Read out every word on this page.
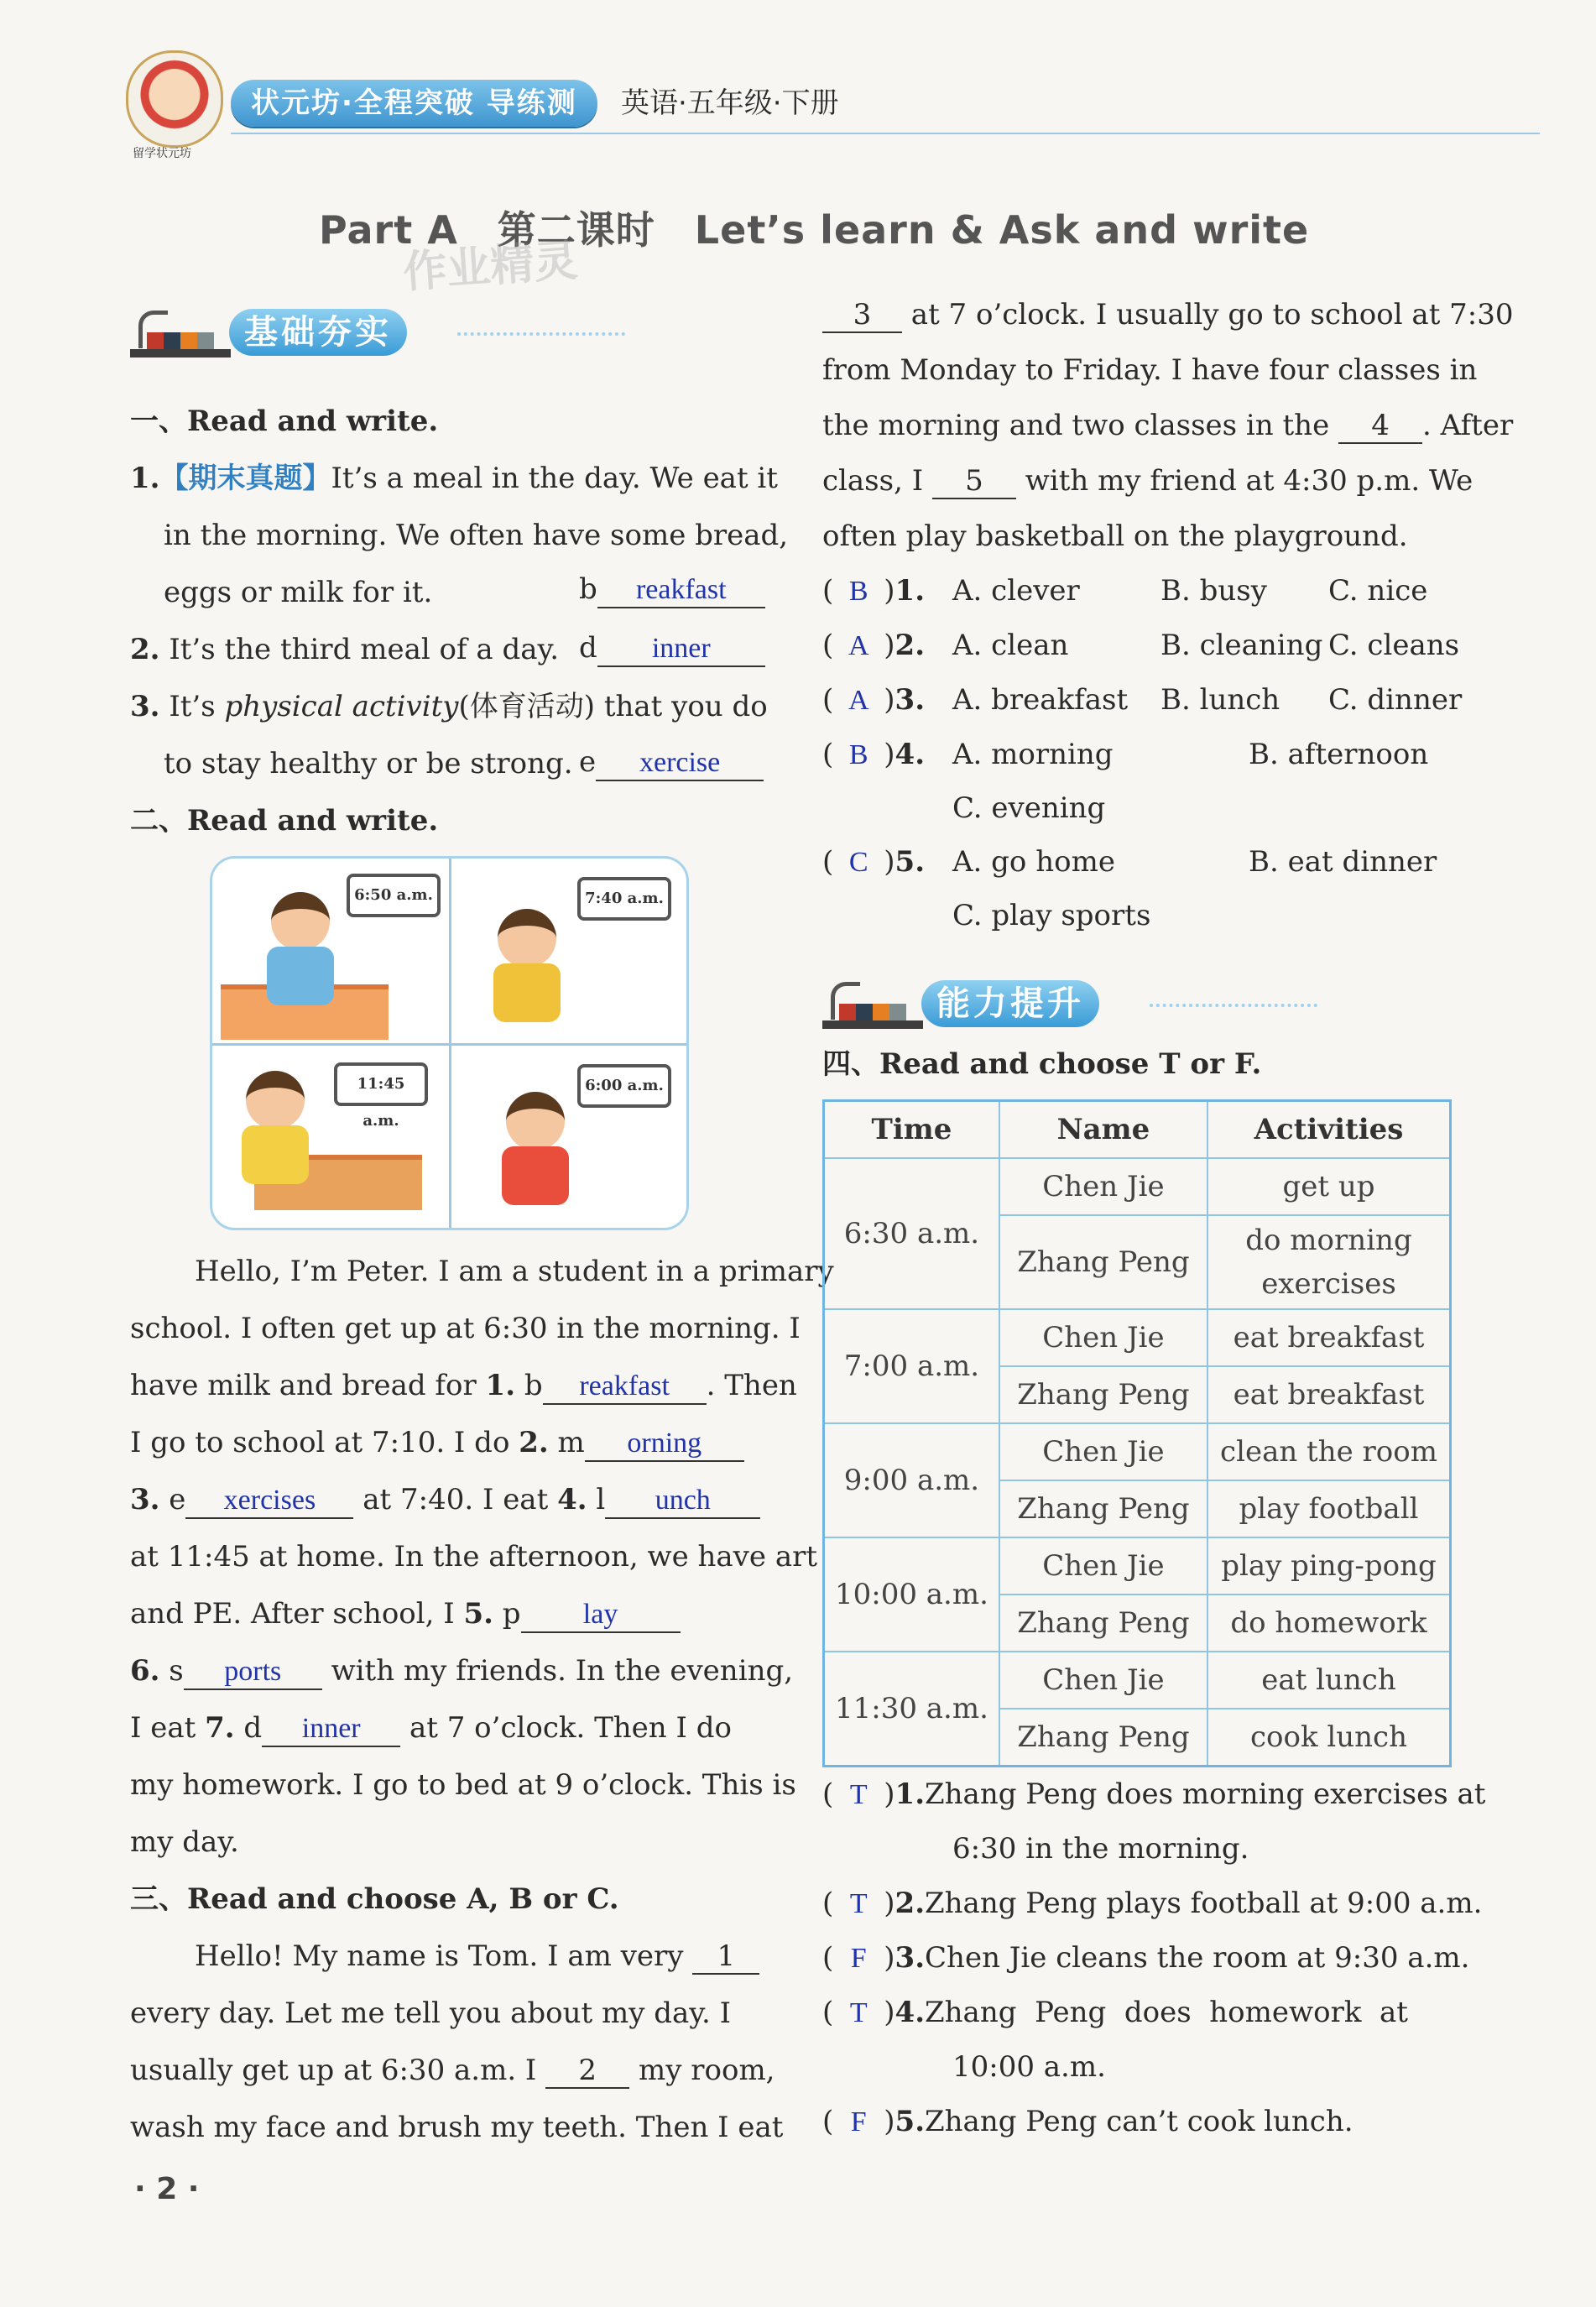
留学状元坊
状元坊·全程突破 导练测	英语·五年级·下册
Part A　第二课时　Let’s learn & Ask and write
作业精灵
基础夯实
一、Read and write.
1.【期末真题】It’s a meal in the day. We eat it
in the morning. We often have some bread,
eggs or milk for it.	b reakfast
2. It’s the third meal of a day. d inner
3. It’s physical activity(体育活动) that you do
to stay healthy or be strong. e xercise
二、Read and write.
6:50 a.m.	7:40 a.m.
11:45 a.m.
6:00 a.m.
Hello, I’m Peter. I am a student in a primary
school. I often get up at 6:30 in the morning. I
have milk and bread for 1. b reakfast . Then
I go to school at 7:10. I do 2. m orning
3. e xercises at 7:40. I eat 4. l unch
at 11:45 at home. In the afternoon, we have art
and PE. After school, I 5. p lay
6. s ports with my friends. In the evening,
I eat 7. d inner at 7 o’clock. Then I do
my homework. I go to bed at 9 o’clock. This is
my day.
三、Read and choose A, B or C.
Hello! My name is Tom. I am very 1
every day. Let me tell you about my day. I
usually get up at 6:30 a.m. I 2 my room,
wash my face and brush my teeth. Then I eat
3 at 7 o’clock. I usually go to school at 7:30
from Monday to Friday. I have four classes in
the morning and two classes in the 4 . After
class, I 5 with my friend at 4:30 p.m. We
often play basketball on the playground.
( B )1. A. clever	B. busy C. nice
( A )2. A. clean	B. cleaning C. cleans
( A )3. A. breakfast B. lunch C. dinner
( B )4. A. morning	B. afternoon
C. evening
( C )5. A. go home	B. eat dinner
C. play sports
能力提升
四、Read and choose T or F.
Time	Name	Activities
6:30 a.m.	Chen Jie	get up
	Zhang Peng	do morning
exercises
7:00 a.m.	Chen Jie	eat breakfast
	Zhang Peng	eat breakfast
9:00 a.m.	Chen Jie	clean the room
	Zhang Peng	play football
10:00 a.m.	Chen Jie	play ping-pong
	Zhang Peng	do homework
11:30 a.m.	Chen Jie	eat lunch
	Zhang Peng	cook lunch
( T )1.Zhang Peng does morning exercises at
6:30 in the morning.
( T )2.Zhang Peng plays football at 9:00 a.m.
( F )3.Chen Jie cleans the room at 9:30 a.m.
( T )4.Zhang  Peng  does  homework  at
10:00 a.m.
( F )5.Zhang Peng can’t cook lunch.
· 2 ·
